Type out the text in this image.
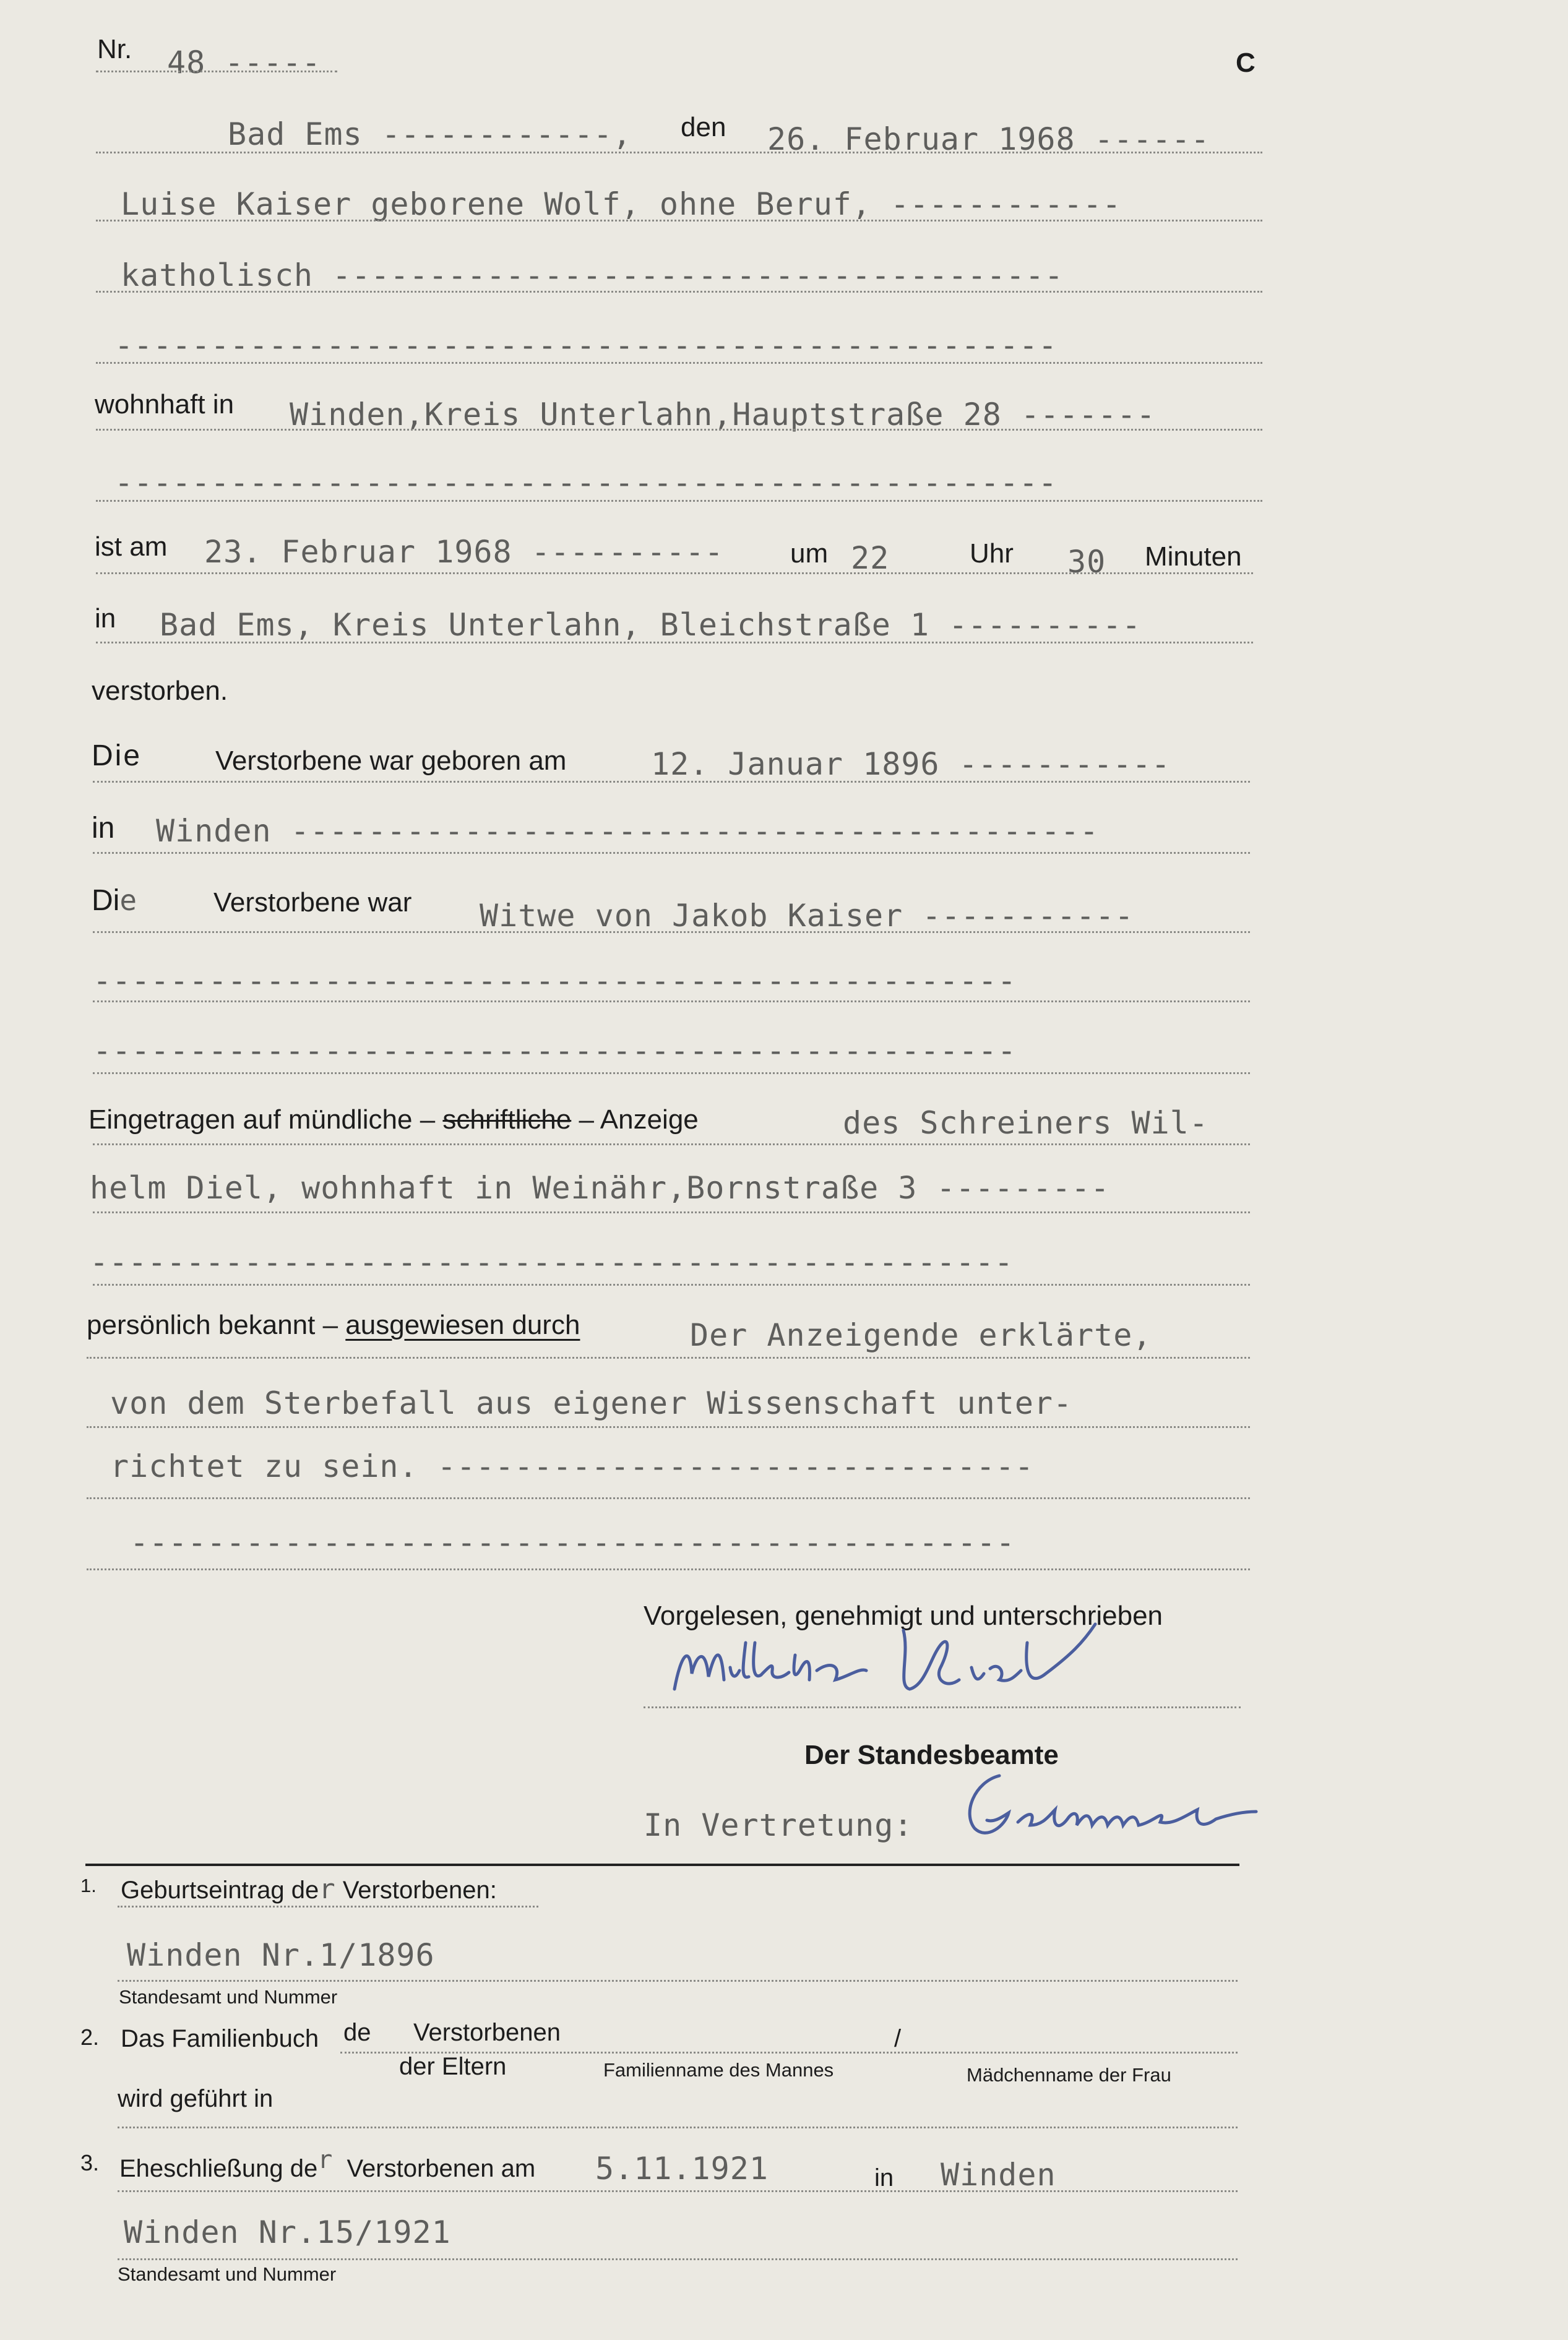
Nr. 48 -----	C
Bad Ems ------------, den 26. Februar 1968 ------
Luise Kaiser geborene Wolf, ohne Beruf, ------------
katholisch --------------------------------------
-------------------------------------------------
wohnhaft in Winden,Kreis Unterlahn,Hauptstraße 28 -------
-------------------------------------------------
ist am 23. Februar 1968 ---------- um 22	Uhr 30 Minuten
in Bad Ems, Kreis Unterlahn, Bleichstraße 1 ----------
verstorben.
Die	Verstorbene war geboren am	12. Januar 1896 -----------
in Winden ------------------------------------------
Die	Verstorbene war Witwe von Jakob Kaiser -----------
------------------------------------------------
------------------------------------------------
Eingetragen auf mündliche – schriftliche – Anzeige	des Schreiners Wil-
helm Diel, wohnhaft in Weinähr,Bornstraße 3 ---------
------------------------------------------------
persönlich bekannt – ausgewiesen durch	Der Anzeigende erklärte,
von dem Sterbefall aus eigener Wissenschaft unter-
richtet zu sein. -------------------------------
----------------------------------------------
Vorgelesen, genehmigt und unterschrieben
Der Standesbeamte
In Vertretung:
1. Geburtseintrag der Verstorbenen:
Winden Nr.1/1896
Standesamt und Nummer
2. Das Familienbuch de Verstorbenen
der Eltern	Familienname des Mannes
/
Mädchenname der Frau
wird geführt in
3. Eheschließung der Verstorbenen am 5.11.1921	in Winden
Winden Nr.15/1921
Standesamt und Nummer
